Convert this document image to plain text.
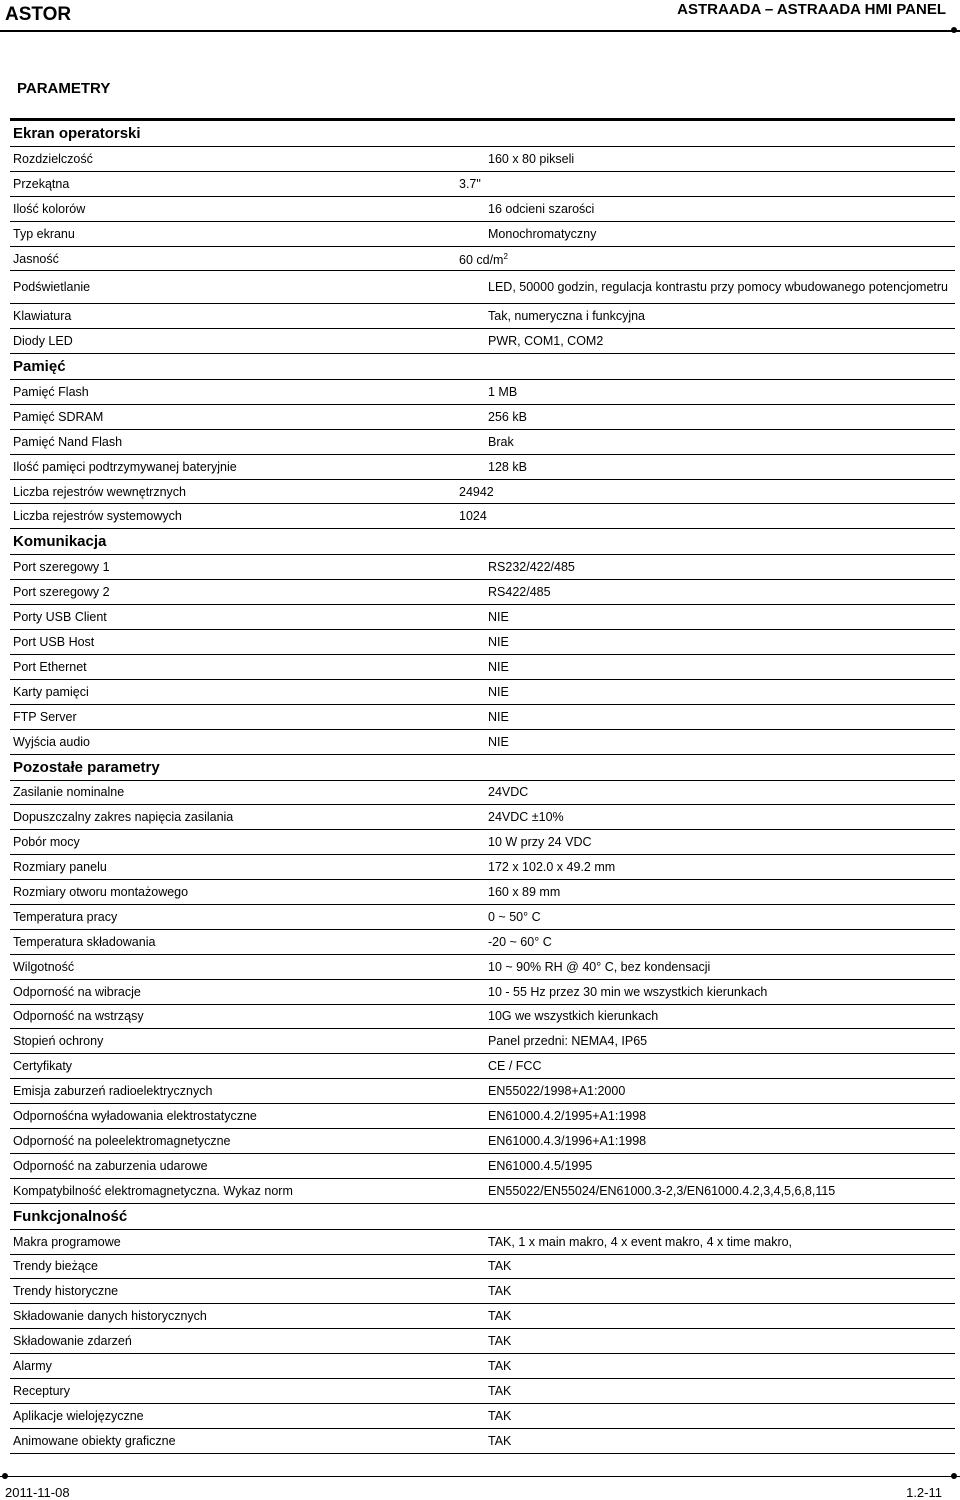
ASTOR	ASTRAADA – ASTRAADA HMI PANEL
PARAMETRY
Ekran operatorski
Rozdzielczość	160 x 80 pikseli
Przekątna	3.7"
Ilość kolorów	16 odcieni szarości
Typ ekranu	Monochromatyczny
Jasność	60 $cd/m^2$
Podświetlanie	LED, 50000 godzin, regulacja kontrastu przy pomocy wbudowanego potencjometru
Klawiatura	Tak, numeryczna i funkcyjna
Diody LED	PWR, COM1, COM2
Pamięć
Pamięć Flash	1 MB
Pamięć SDRAM	256 kB
Pamięć Nand Flash	Brak
Ilość pamięci podtrzymywanej bateryjnie	128 kB
Liczba rejestrów wewnętrznych	24942
Liczba rejestrów systemowych	1024
Komunikacja
Port szeregowy 1	RS232/422/485
Port szeregowy 2	RS422/485
Porty USB Client	NIE
Port USB Host	NIE
Port Ethernet	NIE
Karty pamięci	NIE
FTP Server	NIE
Wyjścia audio	NIE
Pozostałe parametry
Zasilanie nominalne	24VDC
Dopuszczalny zakres napięcia zasilania	24VDC ±10%
Pobór mocy	10 W przy 24 VDC
Rozmiary panelu	172 x 102.0 x 49.2 mm
Rozmiary otworu montażowego	160 x 89 mm
Temperatura pracy	0 ~ 50° C
Temperatura składowania	-20 ~ 60° C
Wilgotność	10 ~ 90% RH @ 40° C, bez kondensacji
Odporność na wibracje	10 - 55 Hz przez 30 min we wszystkich kierunkach
Odporność na wstrząsy	10G we wszystkich kierunkach
Stopień ochrony	Panel przedni: NEMA4, IP65
Certyfikaty	CE / FCC
Emisja zaburzeń radioelektrycznych	EN55022/1998+A1:2000
Odpornośćna wyładowania elektrostatyczne	EN61000.4.2/1995+A1:1998
Odporność na poleelektromagnetyczne	EN61000.4.3/1996+A1:1998
Odporność na zaburzenia udarowe	EN61000.4.5/1995
Kompatybilność elektromagnetyczna. Wykaz norm	EN55022/EN55024/EN61000.3-2,3/EN61000.4.2,3,4,5,6,8,115
Funkcjonalność
Makra programowe	TAK, 1 x main makro, 4 x event makro, 4 x time makro,
Trendy bieżące	TAK
Trendy historyczne	TAK
Składowanie danych historycznych	TAK
Składowanie zdarzeń	TAK
Alarmy	TAK
Receptury	TAK
Aplikacje wielojęzyczne	TAK
Animowane obiekty graficzne	TAK
2011-11-08	1.2-11
